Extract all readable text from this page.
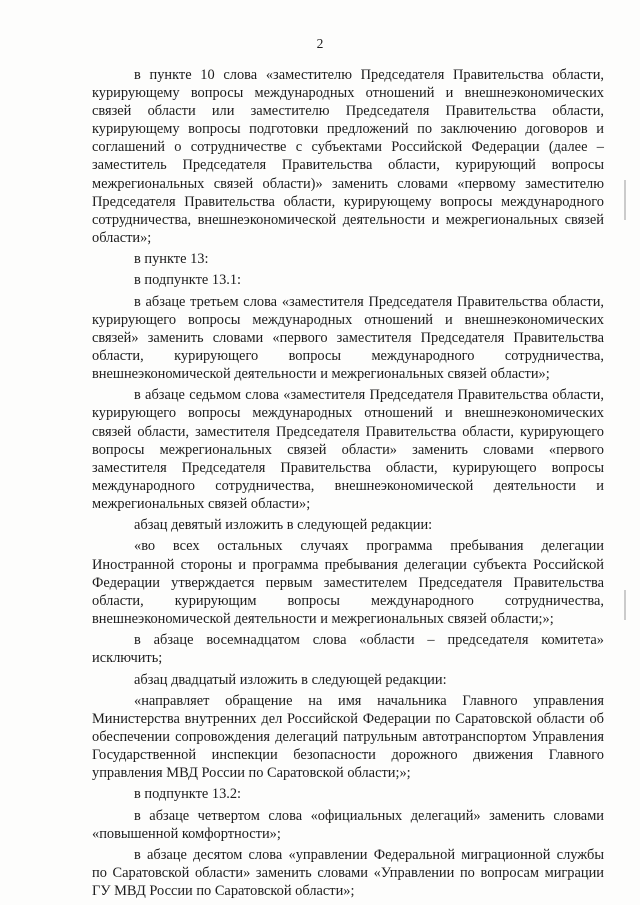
2

в пункте 10 слова «заместителю Председателя Правительства области, курирующему вопросы международных отношений и внешнеэкономических связей области или заместителю Председателя Правительства области, курирующему вопросы подготовки предложений по заключению договоров и соглашений о сотрудничестве с субъектами Российской Федерации (далее – заместитель Председателя Правительства области, курирующий вопросы межрегиональных связей области)» заменить словами «первому заместителю Председателя Правительства области, курирующему вопросы международного сотрудничества, внешнеэкономической деятельности и межрегиональных связей области»;

в пункте 13:

в подпункте 13.1:

в абзаце третьем слова «заместителя Председателя Правительства области, курирующего вопросы международных отношений и внешнеэкономических связей» заменить словами «первого заместителя Председателя Правительства области, курирующего вопросы международного сотрудничества, внешнеэкономической деятельности и межрегиональных связей области»;

в абзаце седьмом слова «заместителя Председателя Правительства области, курирующего вопросы международных отношений и внешнеэкономических связей области, заместителя Председателя Правительства области, курирующего вопросы межрегиональных связей области» заменить словами «первого заместителя Председателя Правительства области, курирующего вопросы международного сотрудничества, внешнеэкономической деятельности и межрегиональных связей области»;

абзац девятый изложить в следующей редакции:

«во всех остальных случаях программа пребывания делегации Иностранной стороны и программа пребывания делегации субъекта Российской Федерации утверждается первым заместителем Председателя Правительства области, курирующим вопросы международного сотрудничества, внешнеэкономической деятельности и межрегиональных связей области;»;

в абзаце восемнадцатом слова «области – председателя комитета» исключить;

абзац двадцатый изложить в следующей редакции:

«направляет обращение на имя начальника Главного управления Министерства внутренних дел Российской Федерации по Саратовской области об обеспечении сопровождения делегаций патрульным автотранспортом Управления Государственной инспекции безопасности дорожного движения Главного управления МВД России по Саратовской области;»;

в подпункте 13.2:

в абзаце четвертом слова «официальных делегаций» заменить словами «повышенной комфортности»;

в абзаце десятом слова «управлении Федеральной миграционной службы по Саратовской области» заменить словами «Управлении по вопросам миграции ГУ МВД России по Саратовской области»;
